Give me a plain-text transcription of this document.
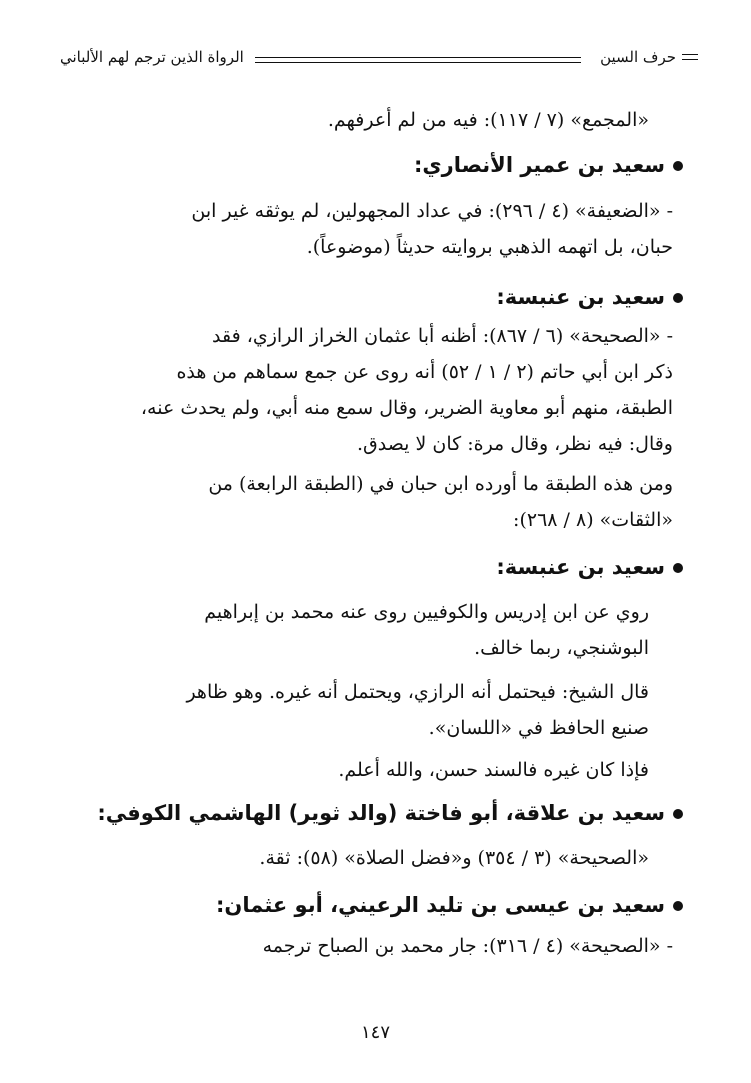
حرف السين
الرواة الذين ترجم لهم الألباني
«المجمع» (٧ / ١١٧): فيه من لم أعرفهم.
سعيد بن عمير الأنصاري:
- «الضعيفة» (٤ / ٢٩٦): في عداد المجهولين، لم يوثقه غير ابن
حبان، بل اتهمه الذهبي بروايته حديثاً (موضوعاً).
سعيد بن عنبسة:
- «الصحيحة» (٦ / ٨٦٧): أظنه أبا عثمان الخراز الرازي، فقد
ذكر ابن أبي حاتم (٢ / ١ / ٥٢) أنه روى عن جمع سماهم من هذه
الطبقة، منهم أبو معاوية الضرير، وقال سمع منه أبي، ولم يحدث عنه،
وقال: فيه نظر، وقال مرة: كان لا يصدق.
ومن هذه الطبقة ما أورده ابن حبان في (الطبقة الرابعة) من
«الثقات» (٨ / ٢٦٨):
سعيد بن عنبسة:
روي عن ابن إدريس والكوفيين روى عنه محمد بن إبراهيم
البوشنجي، ربما خالف.
قال الشيخ: فيحتمل أنه الرازي، ويحتمل أنه غيره. وهو ظاهر
صنيع الحافظ في «اللسان».
فإذا كان غيره فالسند حسن، والله أعلم.
سعيد بن علاقة، أبو فاختة (والد ثوير) الهاشمي الكوفي:
«الصحيحة» (٣ / ٣٥٤) و«فضل الصلاة» (٥٨): ثقة.
سعيد بن عيسى بن تليد الرعيني، أبو عثمان:
- «الصحيحة» (٤ / ٣١٦): جار محمد بن الصباح ترجمه
١٤٧
